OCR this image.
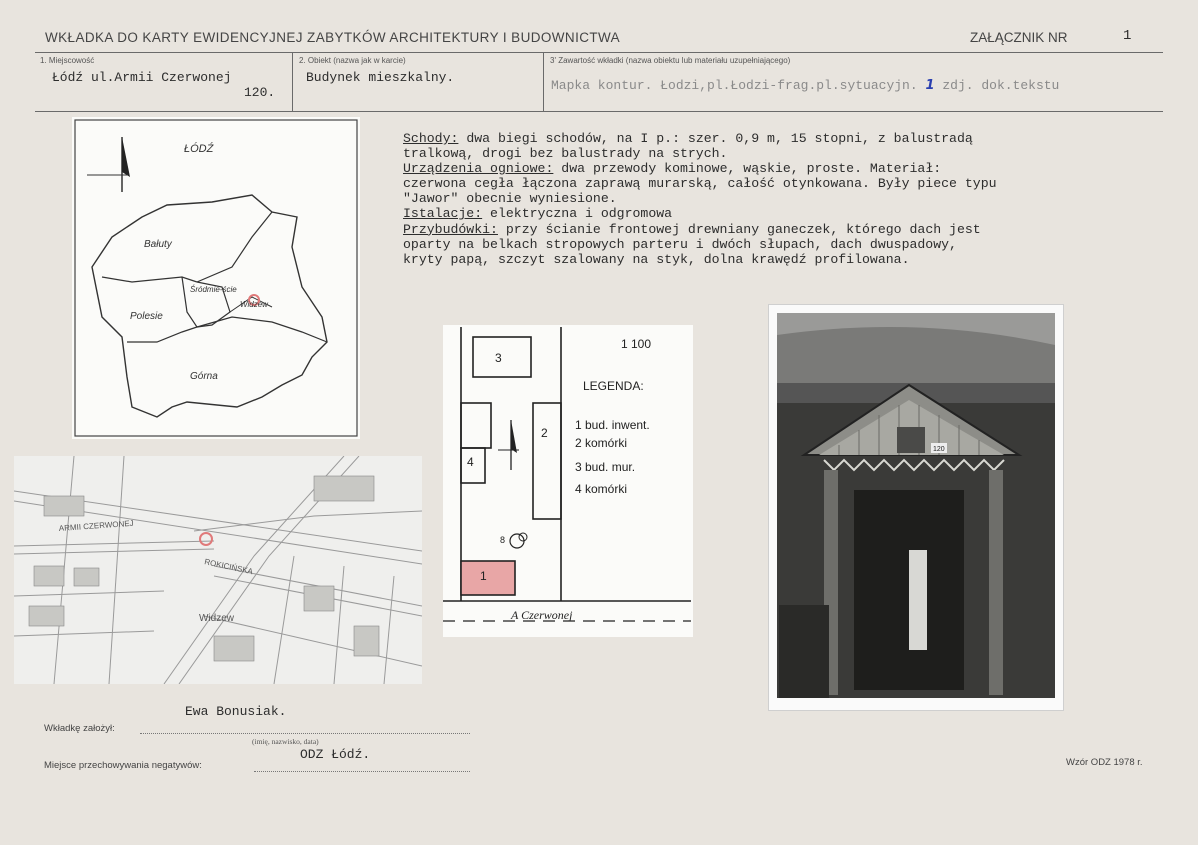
WKŁADKA DO KARTY EWIDENCYJNEJ ZABYTKÓW ARCHITEKTURY I BUDOWNICTWA	ZAŁĄCZNIK NR	1
1. Miejscowość
Łódź ul.Armii Czerwonej
120.
2. Obiekt (nazwa jak w karcie)
Budynek mieszkalny.
3' Zawartość wkładki (nazwa obiektu lub materiału uzupełniającego)
Mapka kontur. Łodzi,pl.Łodzi-frag.pl.sytuacyjn. 1 zdj. dok.tekstu
Schody: dwa biegi schodów, na I p.: szer. 0,9 m, 15 stopni, z balustradą
tralkową, drogi bez balustrady na strych.
Urządzenia ogniowe: dwa przewody kominowe, wąskie, proste. Materiał:
czerwona cegła łączona zaprawą murarską, całość otynkowana. Były piece typu
"Jawor" obecnie wyniesione.
Istalacje: elektryczna i odgromowa
Przybudówki: przy ścianie frontowej drewniany ganeczek, którego dach jest
oparty na belkach stropowych parteru i dwóch słupach, dach dwuspadowy,
kryty papą, szczyt szalowany na styk, dolna krawędź profilowana.
ŁÓDŹ
Bałuty
Śródmie-ście
Polesie
Widzew
Górna
ARMII CZERWONEJ
ROKICIŃSKA
Widzew
8
3
2
4
1
1 100
LEGENDA:
1 bud. inwent.
2 komórki
3 bud. mur.
4 komórki
A Czerwonej
120
Wkładkę założył:
Ewa Bonusiak.
(imię, nazwisko, data)
Miejsce przechowywania negatywów:
ODZ Łódź.
Wzór ODZ 1978 r.
